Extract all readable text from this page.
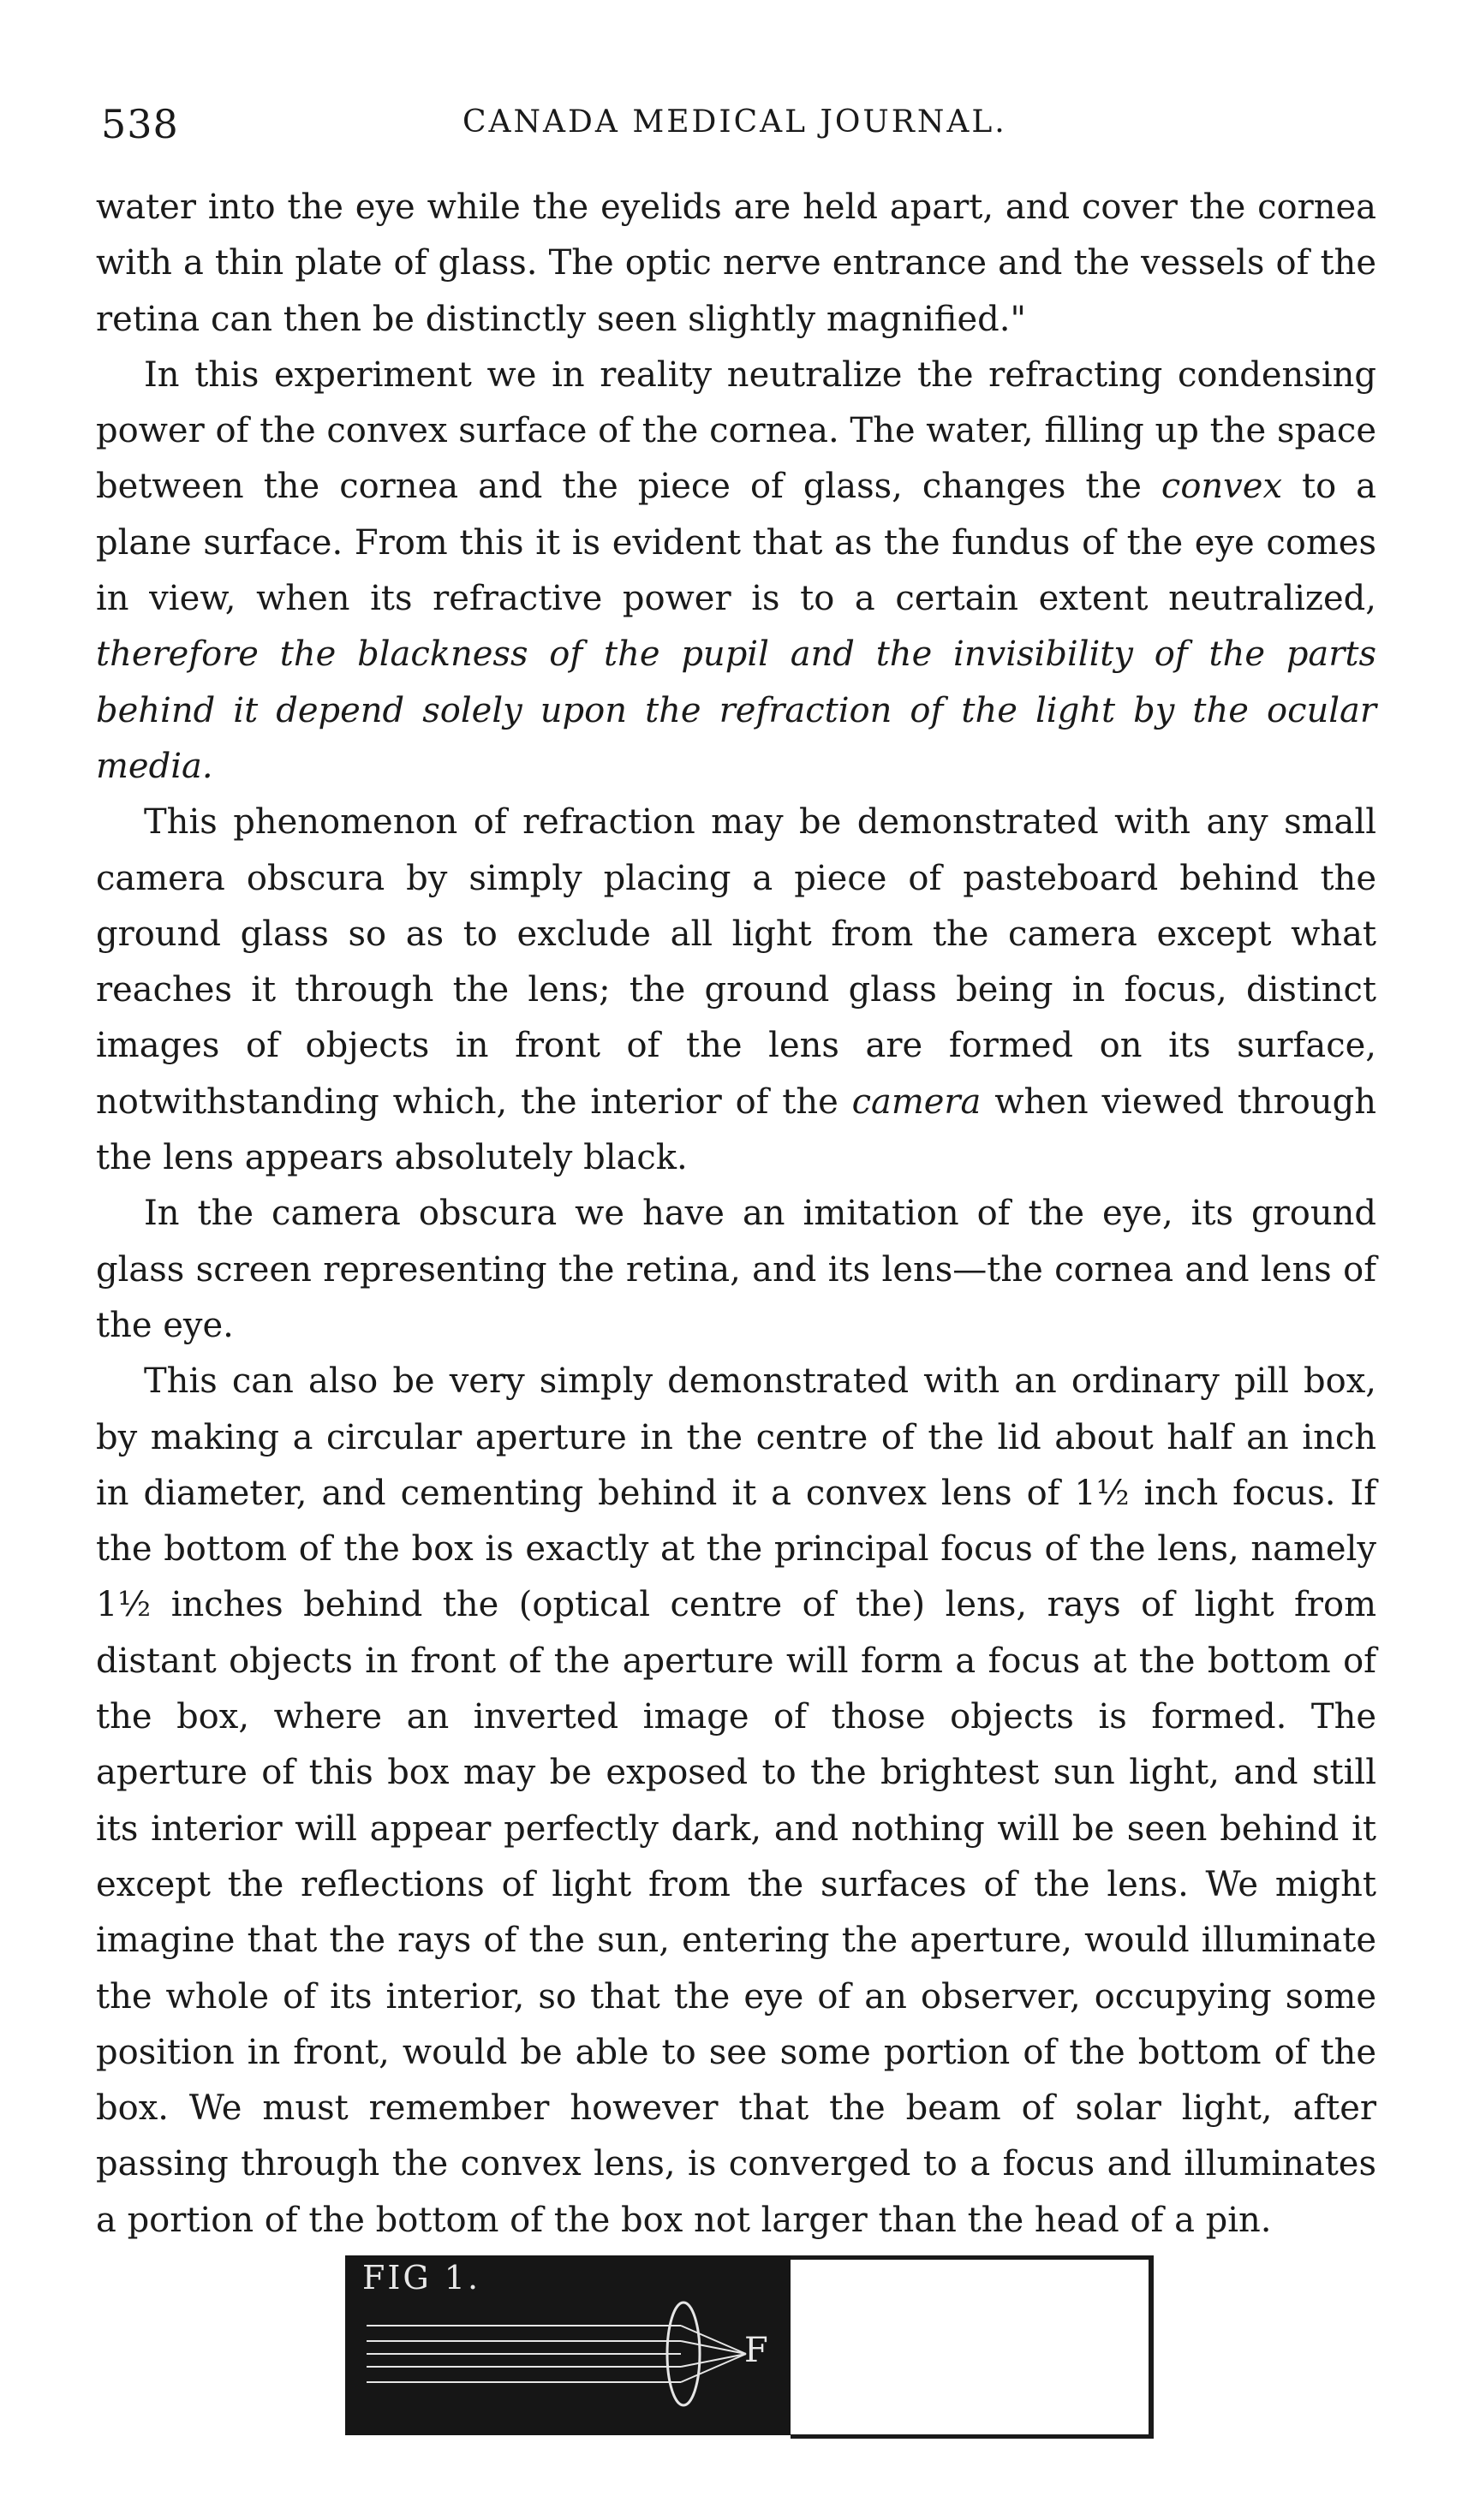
538	CANADA MEDICAL JOURNAL.

water into the eye while the eyelids are held apart, and cover the cornea with a thin plate of glass. The optic nerve entrance and the vessels of the retina can then be distinctly seen slightly magnified."

In this experiment we in reality neutralize the refracting condensing power of the convex surface of the cornea. The water, filling up the space between the cornea and the piece of glass, changes the convex to a plane surface. From this it is evident that as the fundus of the eye comes in view, when its refractive power is to a certain extent neutralized, therefore the blackness of the pupil and the invisibility of the parts behind it depend solely upon the refraction of the light by the ocular media.

This phenomenon of refraction may be demonstrated with any small camera obscura by simply placing a piece of pasteboard behind the ground glass so as to exclude all light from the camera except what reaches it through the lens; the ground glass being in focus, distinct images of objects in front of the lens are formed on its surface, notwithstanding which, the interior of the camera when viewed through the lens appears absolutely black.

In the camera obscura we have an imitation of the eye, its ground glass screen representing the retina, and its lens—the cornea and lens of the eye.

This can also be very simply demonstrated with an ordinary pill box, by making a circular aperture in the centre of the lid about half an inch in diameter, and cementing behind it a convex lens of 1½ inch focus. If the bottom of the box is exactly at the principal focus of the lens, namely 1½ inches behind the (optical centre of the) lens, rays of light from distant objects in front of the aperture will form a focus at the bottom of the box, where an inverted image of those objects is formed. The aperture of this box may be exposed to the brightest sun light, and still its interior will appear perfectly dark, and nothing will be seen behind it except the reflections of light from the surfaces of the lens. We might imagine that the rays of the sun, entering the aperture, would illuminate the whole of its interior, so that the eye of an observer, occupying some position in front, would be able to see some portion of the bottom of the box. We must remember however that the beam of solar light, after passing through the convex lens, is converged to a focus and illuminates a portion of the bottom of the box not larger than the head of a pin.

FIG 1.
F
